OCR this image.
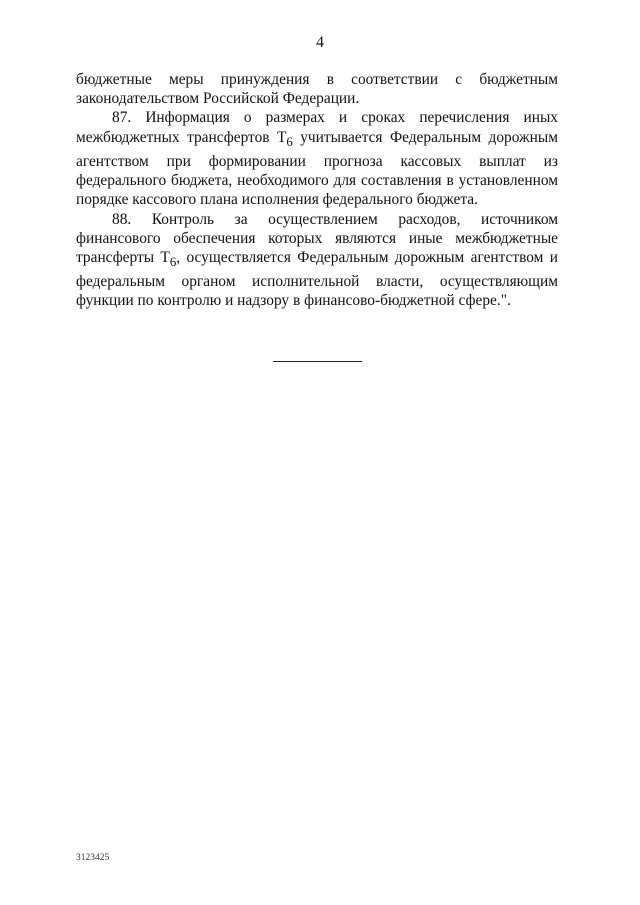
4

бюджетные меры принуждения в соответствии с бюджетным законодательством Российской Федерации.

87. Информация о размерах и сроках перечисления иных межбюджетных трансфертов $Т_6$ учитывается Федеральным дорожным агентством при формировании прогноза кассовых выплат из федерального бюджета, необходимого для составления в установленном порядке кассового плана исполнения федерального бюджета.

88. Контроль за осуществлением расходов, источником финансового обеспечения которых являются иные межбюджетные трансферты $Т_6$, осуществляется Федеральным дорожным агентством и федеральным органом исполнительной власти, осуществляющим функции по контролю и надзору в финансово-бюджетной сфере.".

3123425
